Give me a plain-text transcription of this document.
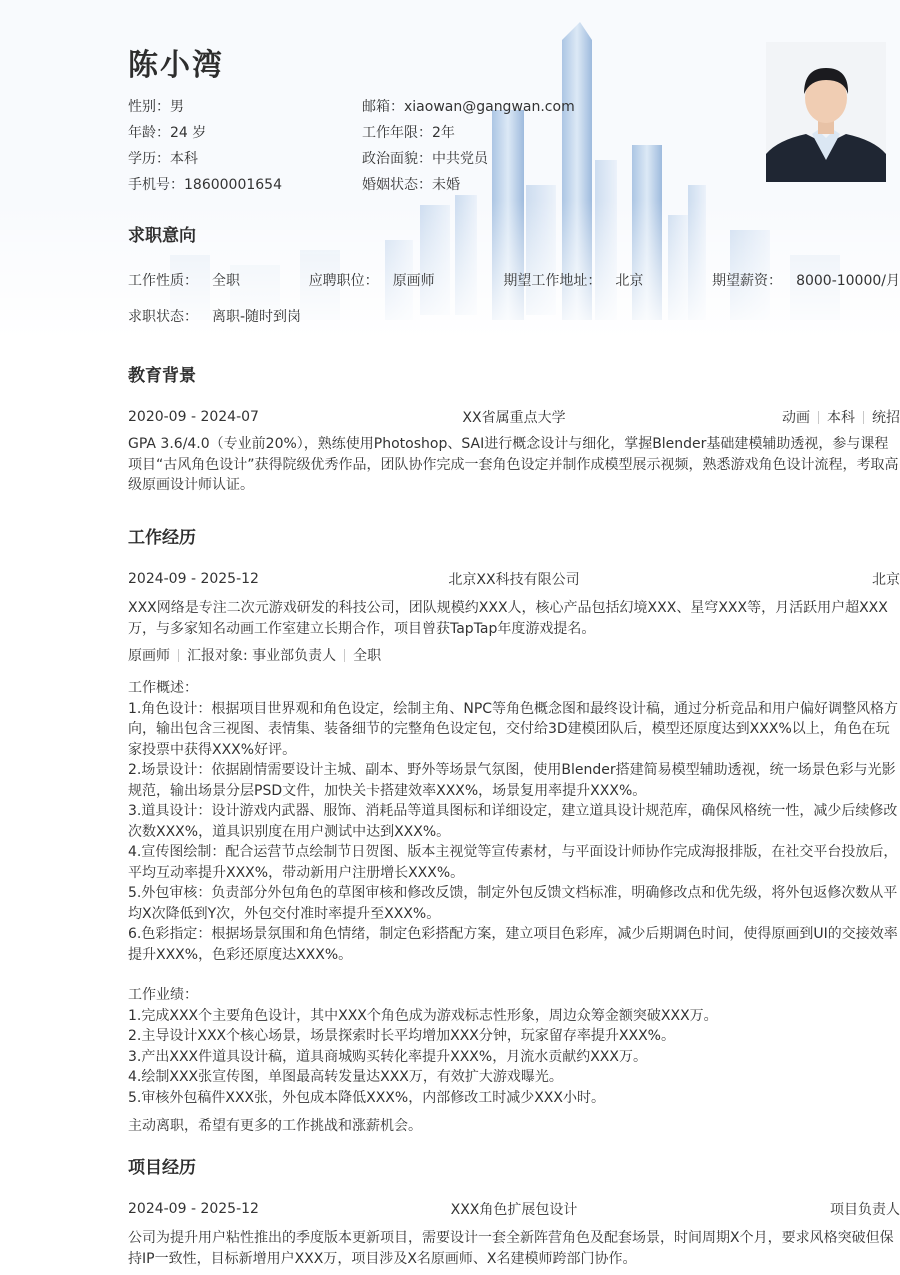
陈小湾
性别：男	邮箱：xiaowan@gangwan.com
年龄：24 岁	工作年限：2年
学历：本科	政治面貌：中共党员
手机号：18600001654	婚姻状态：未婚
求职意向
工作性质： 全职	应聘职位： 原画师	期望工作地址： 北京	期望薪资： 8000-10000/月
求职状态： 离职-随时到岗
教育背景
2020-09 - 2024-07	XX省属重点大学	动画 本科 统招
GPA 3.6/4.0（专业前20%），熟练使用Photoshop、SAI进行概念设计与细化，掌握Blender基础建模辅助透视，参与课程项目“古风角色设计”获得院级优秀作品，团队协作完成一套角色设定并制作成模型展示视频，熟悉游戏角色设计流程，考取高级原画设计师认证。
工作经历
2024-09 - 2025-12	北京XX科技有限公司	北京
XXX网络是专注二次元游戏研发的科技公司，团队规模约XXX人，核心产品包括幻境XXX、星穹XXX等，月活跃用户超XXX万，与多家知名动画工作室建立长期合作，项目曾获TapTap年度游戏提名。
原画师 汇报对象: 事业部负责人 全职
工作概述：
1.角色设计：根据项目世界观和角色设定，绘制主角、NPC等角色概念图和最终设计稿，通过分析竞品和用户偏好调整风格方向，输出包含三视图、表情集、装备细节的完整角色设定包，交付给3D建模团队后，模型还原度达到XXX%以上，角色在玩家投票中获得XXX%好评。
2.场景设计：依据剧情需要设计主城、副本、野外等场景气氛图，使用Blender搭建简易模型辅助透视，统一场景色彩与光影规范，输出场景分层PSD文件，加快关卡搭建效率XXX%，场景复用率提升XXX%。
3.道具设计：设计游戏内武器、服饰、消耗品等道具图标和详细设定，建立道具设计规范库，确保风格统一性，减少后续修改次数XXX%，道具识别度在用户测试中达到XXX%。
4.宣传图绘制：配合运营节点绘制节日贺图、版本主视觉等宣传素材，与平面设计师协作完成海报排版，在社交平台投放后，平均互动率提升XXX%，带动新用户注册增长XXX%。
5.外包审核：负责部分外包角色的草图审核和修改反馈，制定外包反馈文档标准，明确修改点和优先级，将外包返修次数从平均X次降低到Y次，外包交付准时率提升至XXX%。
6.色彩指定：根据场景氛围和角色情绪，制定色彩搭配方案，建立项目色彩库，减少后期调色时间，使得原画到UI的交接效率提升XXX%，色彩还原度达XXX%。
工作业绩：
1.完成XXX个主要角色设计，其中XXX个角色成为游戏标志性形象，周边众筹金额突破XXX万。
2.主导设计XXX个核心场景，场景探索时长平均增加XXX分钟，玩家留存率提升XXX%。
3.产出XXX件道具设计稿，道具商城购买转化率提升XXX%，月流水贡献约XXX万。
4.绘制XXX张宣传图，单图最高转发量达XXX万，有效扩大游戏曝光。
5.审核外包稿件XXX张，外包成本降低XXX%，内部修改工时减少XXX小时。
主动离职，希望有更多的工作挑战和涨薪机会。
项目经历
2024-09 - 2025-12	XXX角色扩展包设计	项目负责人
公司为提升用户粘性推出的季度版本更新项目，需要设计一套全新阵营角色及配套场景，时间周期X个月，要求风格突破但保持IP一致性，目标新增用户XXX万，项目涉及X名原画师、X名建模师跨部门协作。
